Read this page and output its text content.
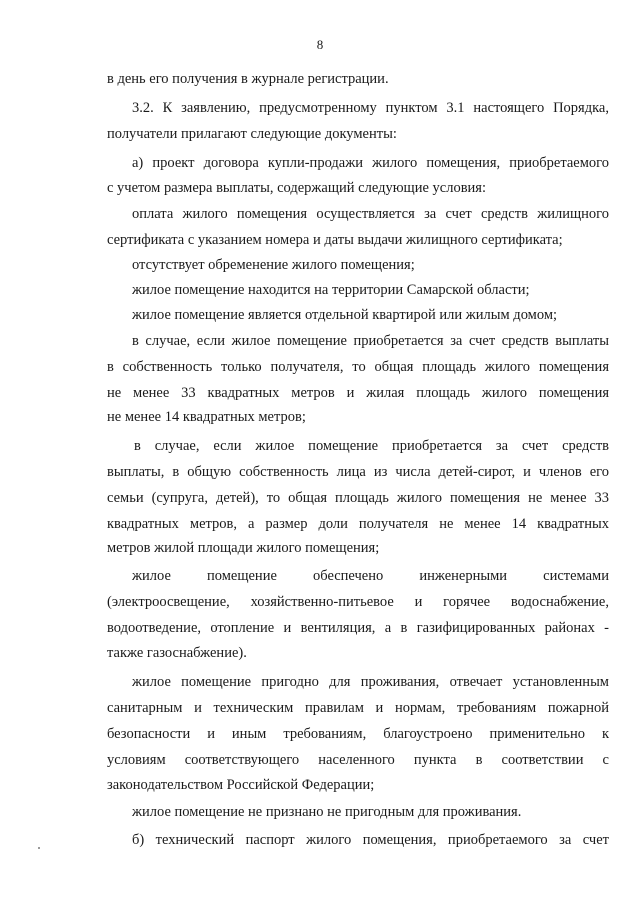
8
в день его получения в журнале регистрации.
3.2. К заявлению, предусмотренному пунктом 3.1 настоящего Порядка,
получатели прилагают следующие документы:
а) проект договора купли-продажи жилого помещения, приобретаемого
с учетом размера выплаты, содержащий следующие условия:
оплата жилого помещения осуществляется за счет средств жилищного
сертификата с указанием номера и даты выдачи жилищного сертификата;
отсутствует обременение жилого помещения;
жилое помещение находится на территории Самарской области;
жилое помещение является отдельной квартирой или жилым домом;
в случае, если жилое помещение приобретается за счет средств выплаты
в собственность только получателя, то общая площадь жилого помещения
не менее 33 квадратных метров и жилая площадь жилого помещения
не менее 14 квадратных метров;
в случае, если жилое помещение приобретается за счет средств
выплаты, в общую собственность лица из числа детей-сирот, и членов его
семьи (супруга, детей), то общая площадь жилого помещения не менее 33
квадратных метров, а размер доли получателя не менее 14 квадратных
метров жилой площади жилого помещения;
жилое помещение обеспечено инженерными системами
(электроосвещение, хозяйственно-питьевое и горячее водоснабжение,
водоотведение, отопление и вентиляция, а в газифицированных районах -
также газоснабжение).
жилое помещение пригодно для проживания, отвечает установленным
санитарным и техническим правилам и нормам, требованиям пожарной
безопасности и иным требованиям, благоустроено применительно к
условиям соответствующего населенного пункта в соответствии с
законодательством Российской Федерации;
жилое помещение не признано не пригодным для проживания.
б) технический паспорт жилого помещения, приобретаемого за счет
